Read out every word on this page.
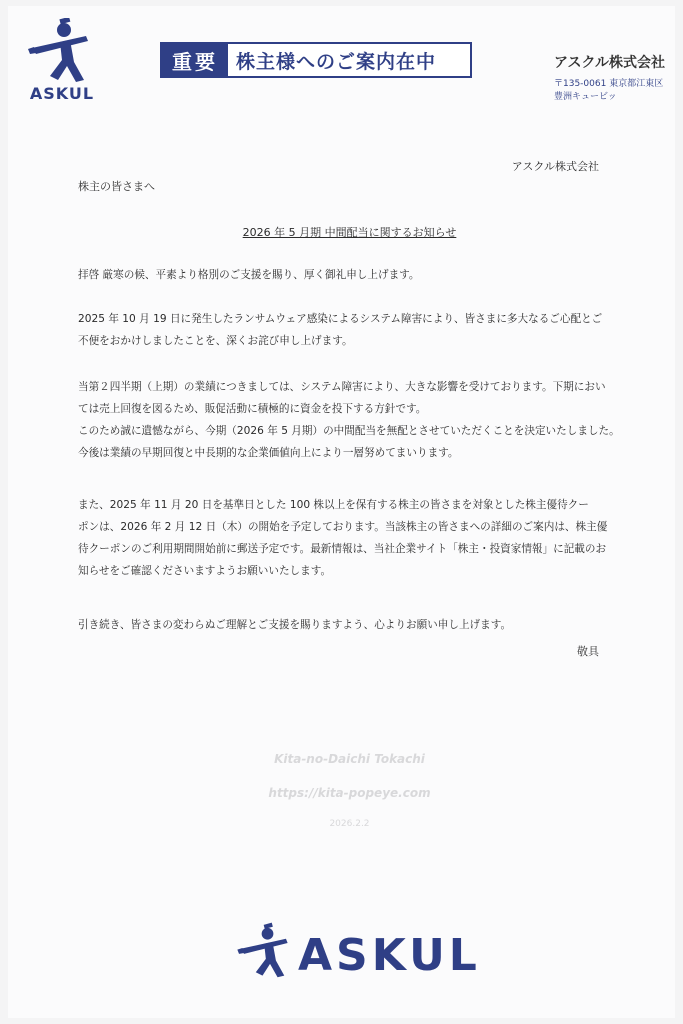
ASKUL
重要 株主様へのご案内在中	アスクル株式会社
〒135-0061 東京都江東区
豊洲キュービッ
アスクル株式会社
株主の皆さまへ
2026 年 5 月期 中間配当に関するお知らせ
拝啓 厳寒の候、平素より格別のご支援を賜り、厚く御礼申し上げます。
2025 年 10 月 19 日に発生したランサムウェア感染によるシステム障害により、皆さまに多大なるご心配とご
不便をおかけしましたことを、深くお詫び申し上げます。
当第２四半期（上期）の業績につきましては、システム障害により、大きな影響を受けております。下期におい
ては売上回復を図るため、販促活動に積極的に資金を投下する方針です。
このため誠に遺憾ながら、今期（2026 年 5 月期）の中間配当を無配とさせていただくことを決定いたしました。
今後は業績の早期回復と中長期的な企業価値向上により一層努めてまいります。
また、2025 年 11 月 20 日を基準日とした 100 株以上を保有する株主の皆さまを対象とした株主優待クー
ポンは、2026 年 2 月 12 日（木）の開始を予定しております。当該株主の皆さまへの詳細のご案内は、株主優
待クーポンのご利用期間開始前に郵送予定です。最新情報は、当社企業サイト「株主・投資家情報」に記載のお
知らせをご確認くださいますようお願いいたします。
引き続き、皆さまの変わらぬご理解とご支援を賜りますよう、心よりお願い申し上げます。
敬具
Kita-no-Daichi Tokachi
https://kita-popeye.com
2026.2.2
ASKUL
